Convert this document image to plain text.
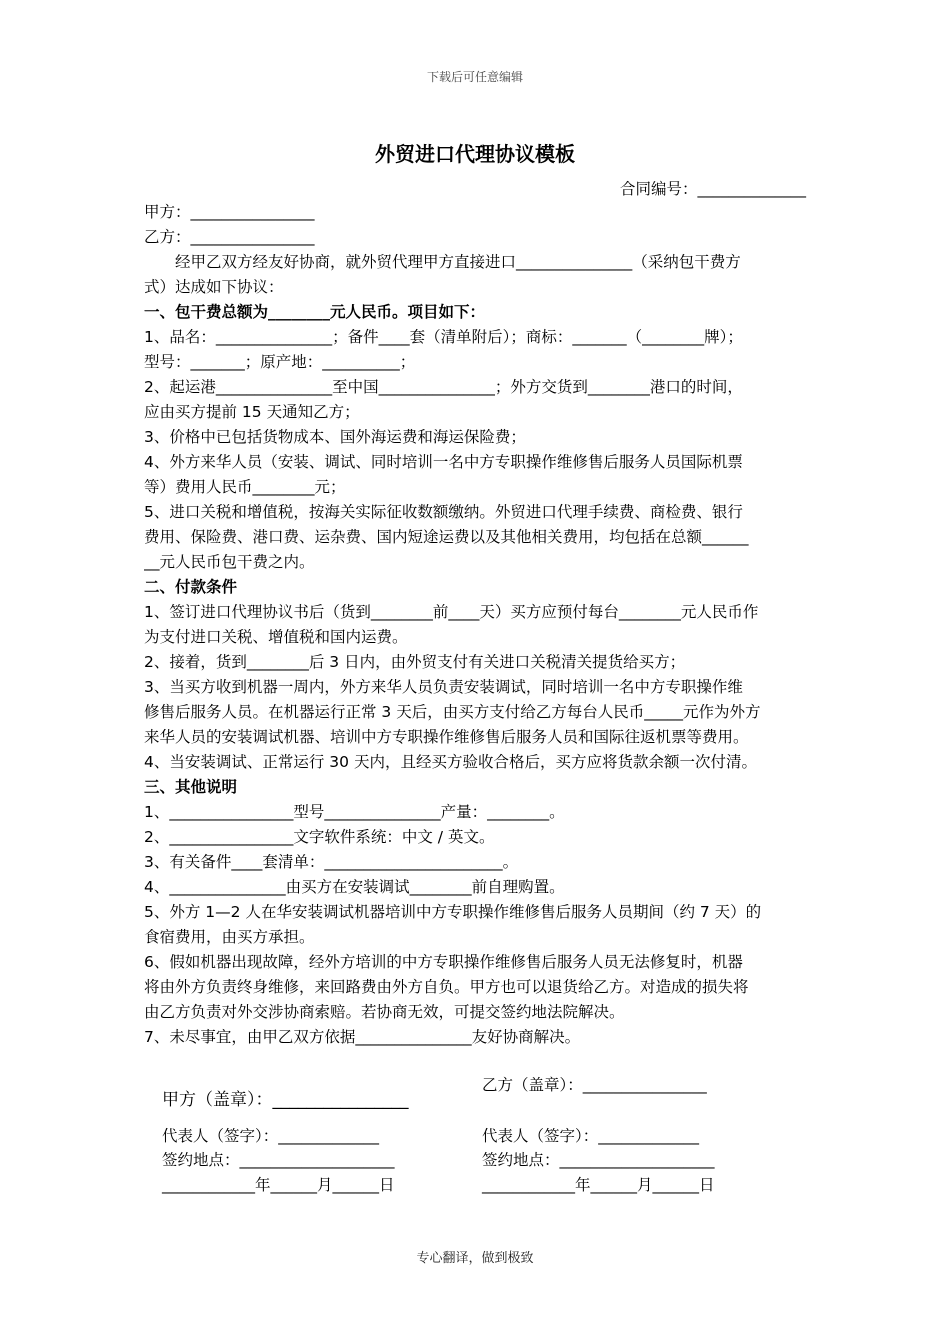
下载后可任意编辑
外贸进口代理协议模板
合同编号：______________
甲方：________________
乙方：________________
　　经甲乙双方经友好协商，就外贸代理甲方直接进口_______________（采纳包干费方
式）达成如下协议：
一、包干费总额为________元人民币。项目如下：
1、品名：_______________；备件____套（清单附后）；商标：_______（________牌）；
型号：_______；原产地：__________；
2、起运港_______________至中国_______________；外方交货到________港口的时间，
应由买方提前 15 天通知乙方；
3、价格中已包括货物成本、国外海运费和海运保险费；
4、外方来华人员（安装、调试、同时培训一名中方专职操作维修售后服务人员国际机票
等）费用人民币________元；
5、进口关税和增值税，按海关实际征收数额缴纳。外贸进口代理手续费、商检费、银行
费用、保险费、港口费、运杂费、国内短途运费以及其他相关费用，均包括在总额______
__元人民币包干费之内。
二、付款条件
1、签订进口代理协议书后（货到________前____天）买方应预付每台________元人民币作
为支付进口关税、增值税和国内运费。
2、接着，货到________后 3 日内，由外贸支付有关进口关税清关提货给买方；
3、当买方收到机器一周内，外方来华人员负责安装调试，同时培训一名中方专职操作维
修售后服务人员。在机器运行正常 3 天后，由买方支付给乙方每台人民币_____元作为外方
来华人员的安装调试机器、培训中方专职操作维修售后服务人员和国际往返机票等费用。
4、当安装调试、正常运行 30 天内，且经买方验收合格后，买方应将货款余额一次付清。
三、其他说明
1、________________型号_______________产量：________。
2、________________文字软件系统：中文 / 英文。
3、有关备件____套清单：_______________________。
4、_______________由买方在安装调试________前自理购置。
5、外方 1—2 人在华安装调试机器培训中方专职操作维修售后服务人员期间（约 7 天）的
食宿费用，由买方承担。
6、假如机器出现故障，经外方培训的中方专职操作维修售后服务人员无法修复时，机器
将由外方负责终身维修，来回路费由外方自负。甲方也可以退货给乙方。对造成的损失将
由乙方负责对外交涉协商索赔。若协商无效，可提交签约地法院解决。
7、未尽事宜，由甲乙双方依据_______________友好协商解决。
甲方（盖章）：________________
乙方（盖章）：________________
代表人（签字）：_____________	代表人（签字）：_____________
签约地点：____________________	签约地点：____________________
____________年______月______日	____________年______月______日
专心翻译，做到极致
